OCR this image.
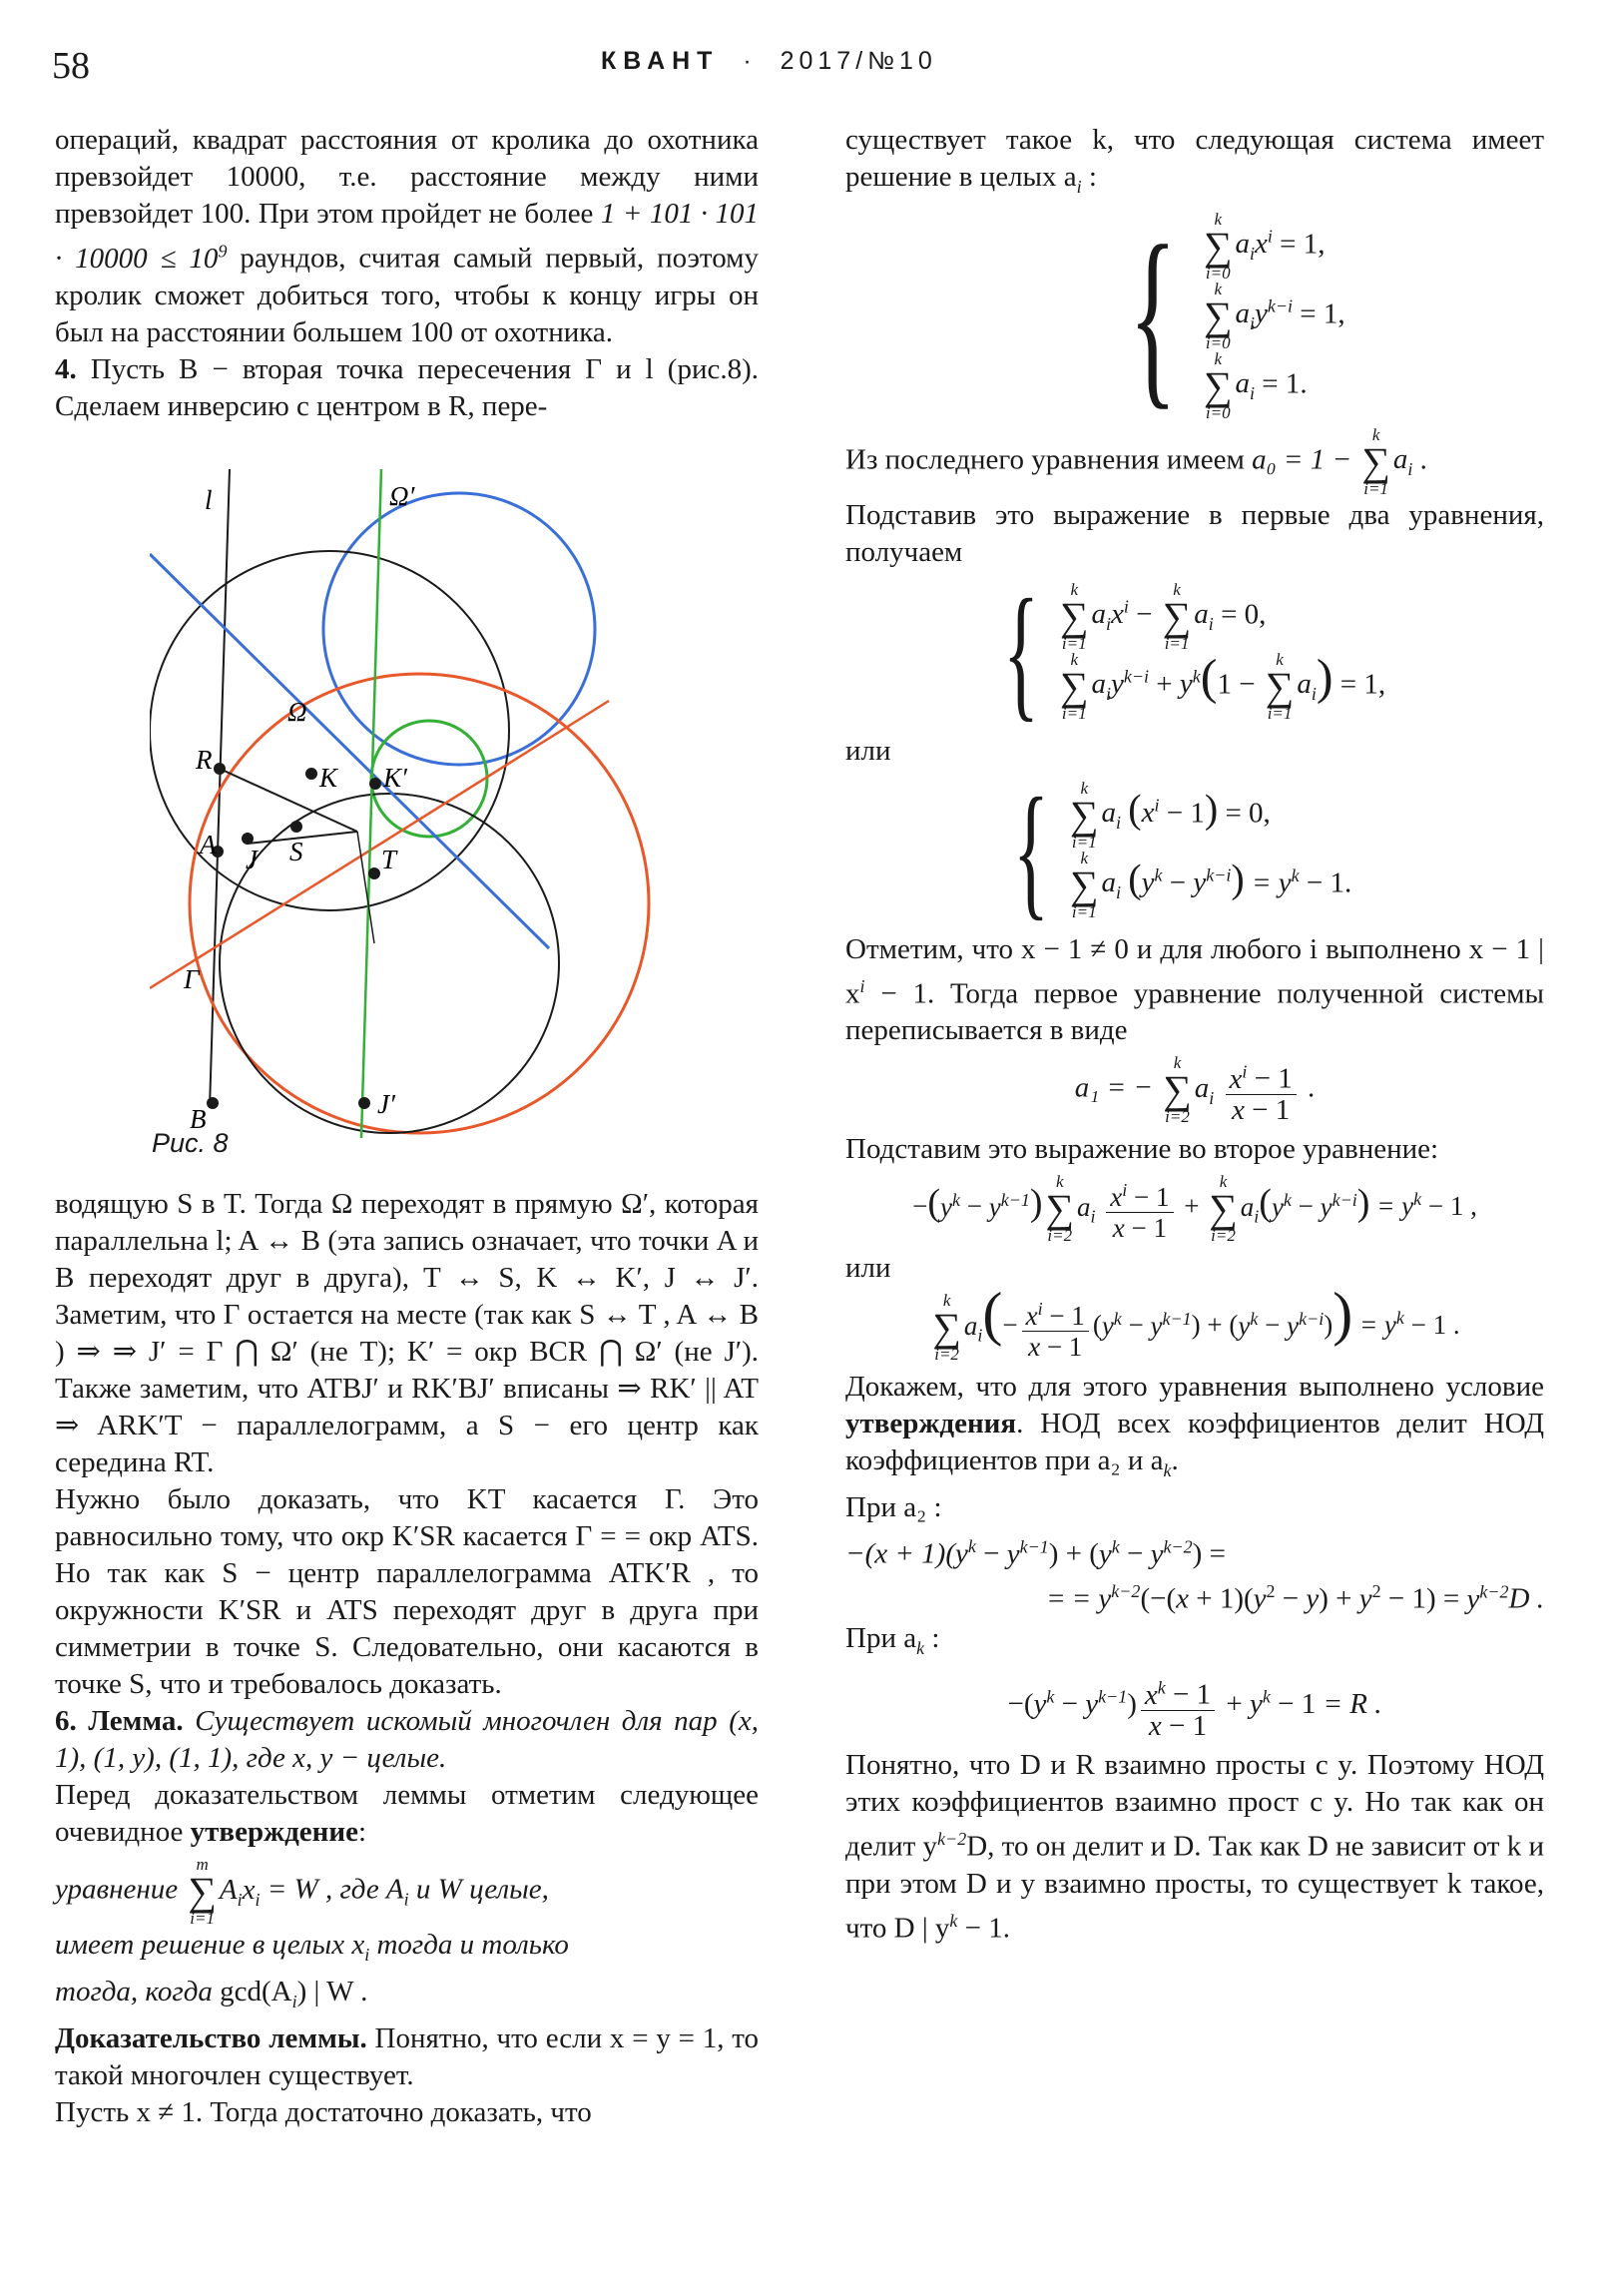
58	КВАНТ · 2017/№10

операций, квадрат расстояния от кролика до охотника превзойдет 10000, т.е. расстояние между ними превзойдет 100. При этом пройдет не более $1 + 101 \cdot 101 \cdot 10000 \le 10^9$ раундов, считая самый первый, поэтому кролик сможет добиться того, чтобы к концу игры он был на расстоянии большем 100 от охотника.

4. Пусть B − вторая точка пересечения Γ и l (рис.8). Сделаем инверсию с центром в R, пере-

l	Ω′
Ω
R
K K′
A J S	T
Γ
B	J′
Рис. 8

водящую S в T. Тогда Ω переходят в прямую Ω′, которая параллельна l; A ↔ B (эта запись означает, что точки A и B переходят друг в друга), T ↔ S, K ↔ K′, J ↔ J′. Заметим, что Γ остается на месте (так как S ↔ T , A ↔ B ) ⇒ ⇒ J′ = Γ ⋂ Ω′ (не T); K′ = окр BCR ⋂ Ω′ (не J′). Также заметим, что ATBJ′ и RK′BJ′ вписаны ⇒ RK′ || AT ⇒ ARK′T − параллелограмм, а S − его центр как середина RT.

Нужно было доказать, что KT касается Γ. Это равносильно тому, что окр K′SR касается Γ = = окр ATS. Но так как S − центр параллелограмма ATK′R , то окружности K′SR и ATS переходят друг в друга при симметрии в точке S. Следовательно, они касаются в точке S, что и требовалось доказать.

6. Лемма. Существует искомый многочлен для пар (x, 1), (1, y), (1, 1), где x, y − целые.

Перед доказательством леммы отметим следующее очевидное утверждение:

уравнение
m
∑
i=1
$A_ix_i = W$ , где $A_i$ и W целые,
имеет решение в целых $x_i$ тогда и только
тогда, когда $\gcd(A_i)$ | W .

Доказательство леммы. Понятно, что если x = y = 1, то такой многочлен существует.

Пусть x ≠ 1. Тогда достаточно доказать, что

существует такое k, что следующая система имеет решение в целых $a_i$ :

{ k
∑
i=0
$a_ix^i = 1$,
k
∑
i=0
$a_iy^{k-i} = 1$,
k
∑
i=0
$a_i = 1$.

Из последнего уравнения имеем a₀ = 1 −
k
∑
i=1
$a_i$ .

Подставив это выражение в первые два уравнения, получаем

{ k
∑
i=1
$a_ix^i$ −
k
∑
i=1
$a_i = 0$,
k
∑
i=1
$a_iy^{k-i} + y^k(1$ −
k
∑
i=1
$a_i) = 1$,

или

{ k
∑
i=1
$a_i$ $(x^i - 1) = 0$,
k
∑
i=1
$a_i$ $(y^k - y^{k-i}) = y^k - 1$.

Отметим, что x − 1 ≠ 0 и для любого i выполнено x − 1 | $x^i - 1$. Тогда первое уравнение полученной системы переписывается в виде

a₁ = −
k
∑
i=2
$a_i \frac{x^i - 1}{x - 1}$ .

Подставим это выражение во второе уравнение:

$-(y^k - y^{k-1})$
k
∑
i=2
$a_i \frac{x^i - 1}{x - 1}$ +
k
∑
i=2
$a_i(y^k - y^{k-i}) = y^k - 1$ ,

или

k
∑
i=2
$a_i(- \frac{x^i - 1}{x - 1} (y^k - y^{k-1}) + (y^k - y^{k-i})) = y^k - 1$ .

Докажем, что для этого уравнения выполнено условие утверждения. НОД всех коэффициентов делит НОД коэффициентов при a₂ и $a_k$.

При a₂ :

$-(x + 1)(y^k - y^{k-1}) + (y^k - y^{k-2})$ =
= = $y^{k-2}(-(x + 1)(y^2 - y) + y^2 - 1) = y^{k-2}D$ .

При $a_k$ :

$-(y^k - y^{k-1}) \frac{x^k - 1}{x - 1} + y^k - 1 = R$ .

Понятно, что D и R взаимно просты с y. Поэтому НОД этих коэффициентов взаимно прост с y. Но так как он делит $y^{k-2}D$, то он делит и D. Так как D не зависит от k и при этом D и y взаимно просты, то существует k такое, что D | $y^k - 1$.
